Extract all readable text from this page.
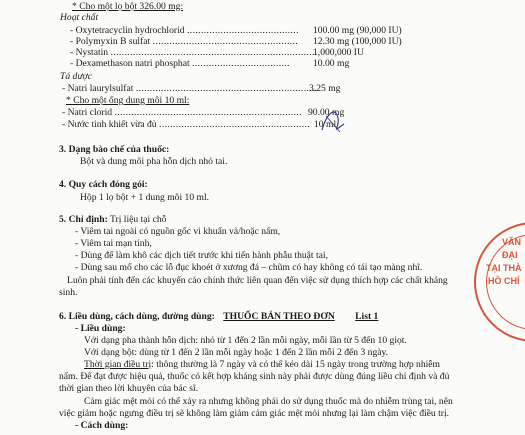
* Cho một lọ bột 326.00 mg:
Hoạt chất
- Oxytetracyclin hydrochlorid ........................................ 100.00 mg (90,000 IU)
- Polymyxin B sulfat .................................................... 12.30 mg (100,000 IU)
- Nystatin ..........................................................................
1,000,000 IU
- Dexamethason natri phosphat ................................... 10.00 mg
Tá dược
- Natri laurylsulfat .................................................................
3.25 mg
* Cho một ống dung môi 10 ml:
- Natri clorid ................................................................... 90.00 mg
- Nước tinh khiết vừa đủ ...................................................... 10 ml
3. Dạng bào chế của thuốc:
Bột và dung môi pha hỗn dịch nhỏ tai.
4. Quy cách đóng gói:
Hộp 1 lọ bột + 1 dung môi 10 ml.
5. Chỉ định: Trị liệu tại chỗ
- Viêm tai ngoài có nguồn gốc vi khuẩn và/hoặc nấm,
- Viêm tai mạn tính,
- Dùng để làm khô các dịch tiết trước khi tiến hành phẫu thuật tai,
- Dùng sau mổ cho các lỗ đục khoét ở xương đá – chũm có hay không có tái tạo màng nhĩ.
Luôn phải tính đến các khuyến cáo chính thức liên quan đến việc sử dụng thích hợp các chất kháng
sinh.
6. Liều dùng, cách dùng, đường dùng: THUỐC BÁN THEO ĐƠN List 1
- Liều dùng:
Với dạng pha thành hỗn dịch: nhỏ từ 1 đến 2 lần mỗi ngày, mỗi lần từ 5 đến 10 giọt.
Với dạng bột: dùng từ 1 đến 2 lần mỗi ngày hoặc 1 đến 2 lần mỗi 2 đến 3 ngày.
Thời gian điều trị: thông thường là 7 ngày và có thể kéo dài 15 ngày trong trường hợp nhiễm
nấm. Để đạt được hiệu quả, thuốc có kết hợp kháng sinh này phải được dùng đúng liều chỉ định và đủ
thời gian theo lời khuyên của bác sĩ.
Cảm giác mệt mỏi có thể xảy ra nhưng không phải do sử dụng thuốc mà do nhiễm trùng tai, nên
việc giảm hoặc ngưng điều trị sẽ không làm giảm cảm giác mệt mỏi nhưng lại làm chậm việc điều trị.
- Cách dùng:
VĂN
ĐẠI
TẠI THÀ
HỒ CHÍ
